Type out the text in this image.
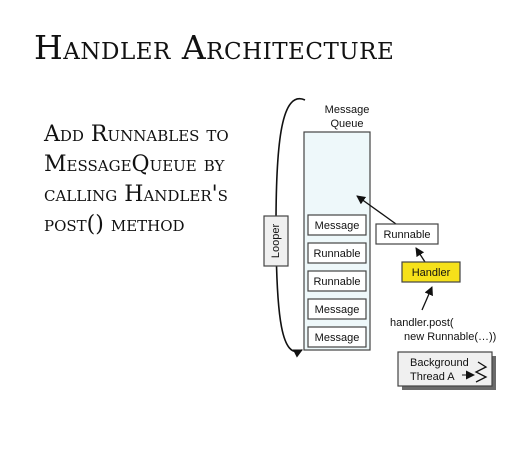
Handler Architecture
Add Runnables to
MessageQueue by
calling Handler's
post() method	Looper
Message
Queue
Message
Runnable
Runnable
Message
Message
Runnable
Handler
handler.post(
new Runnable(…))
Background
Thread A
